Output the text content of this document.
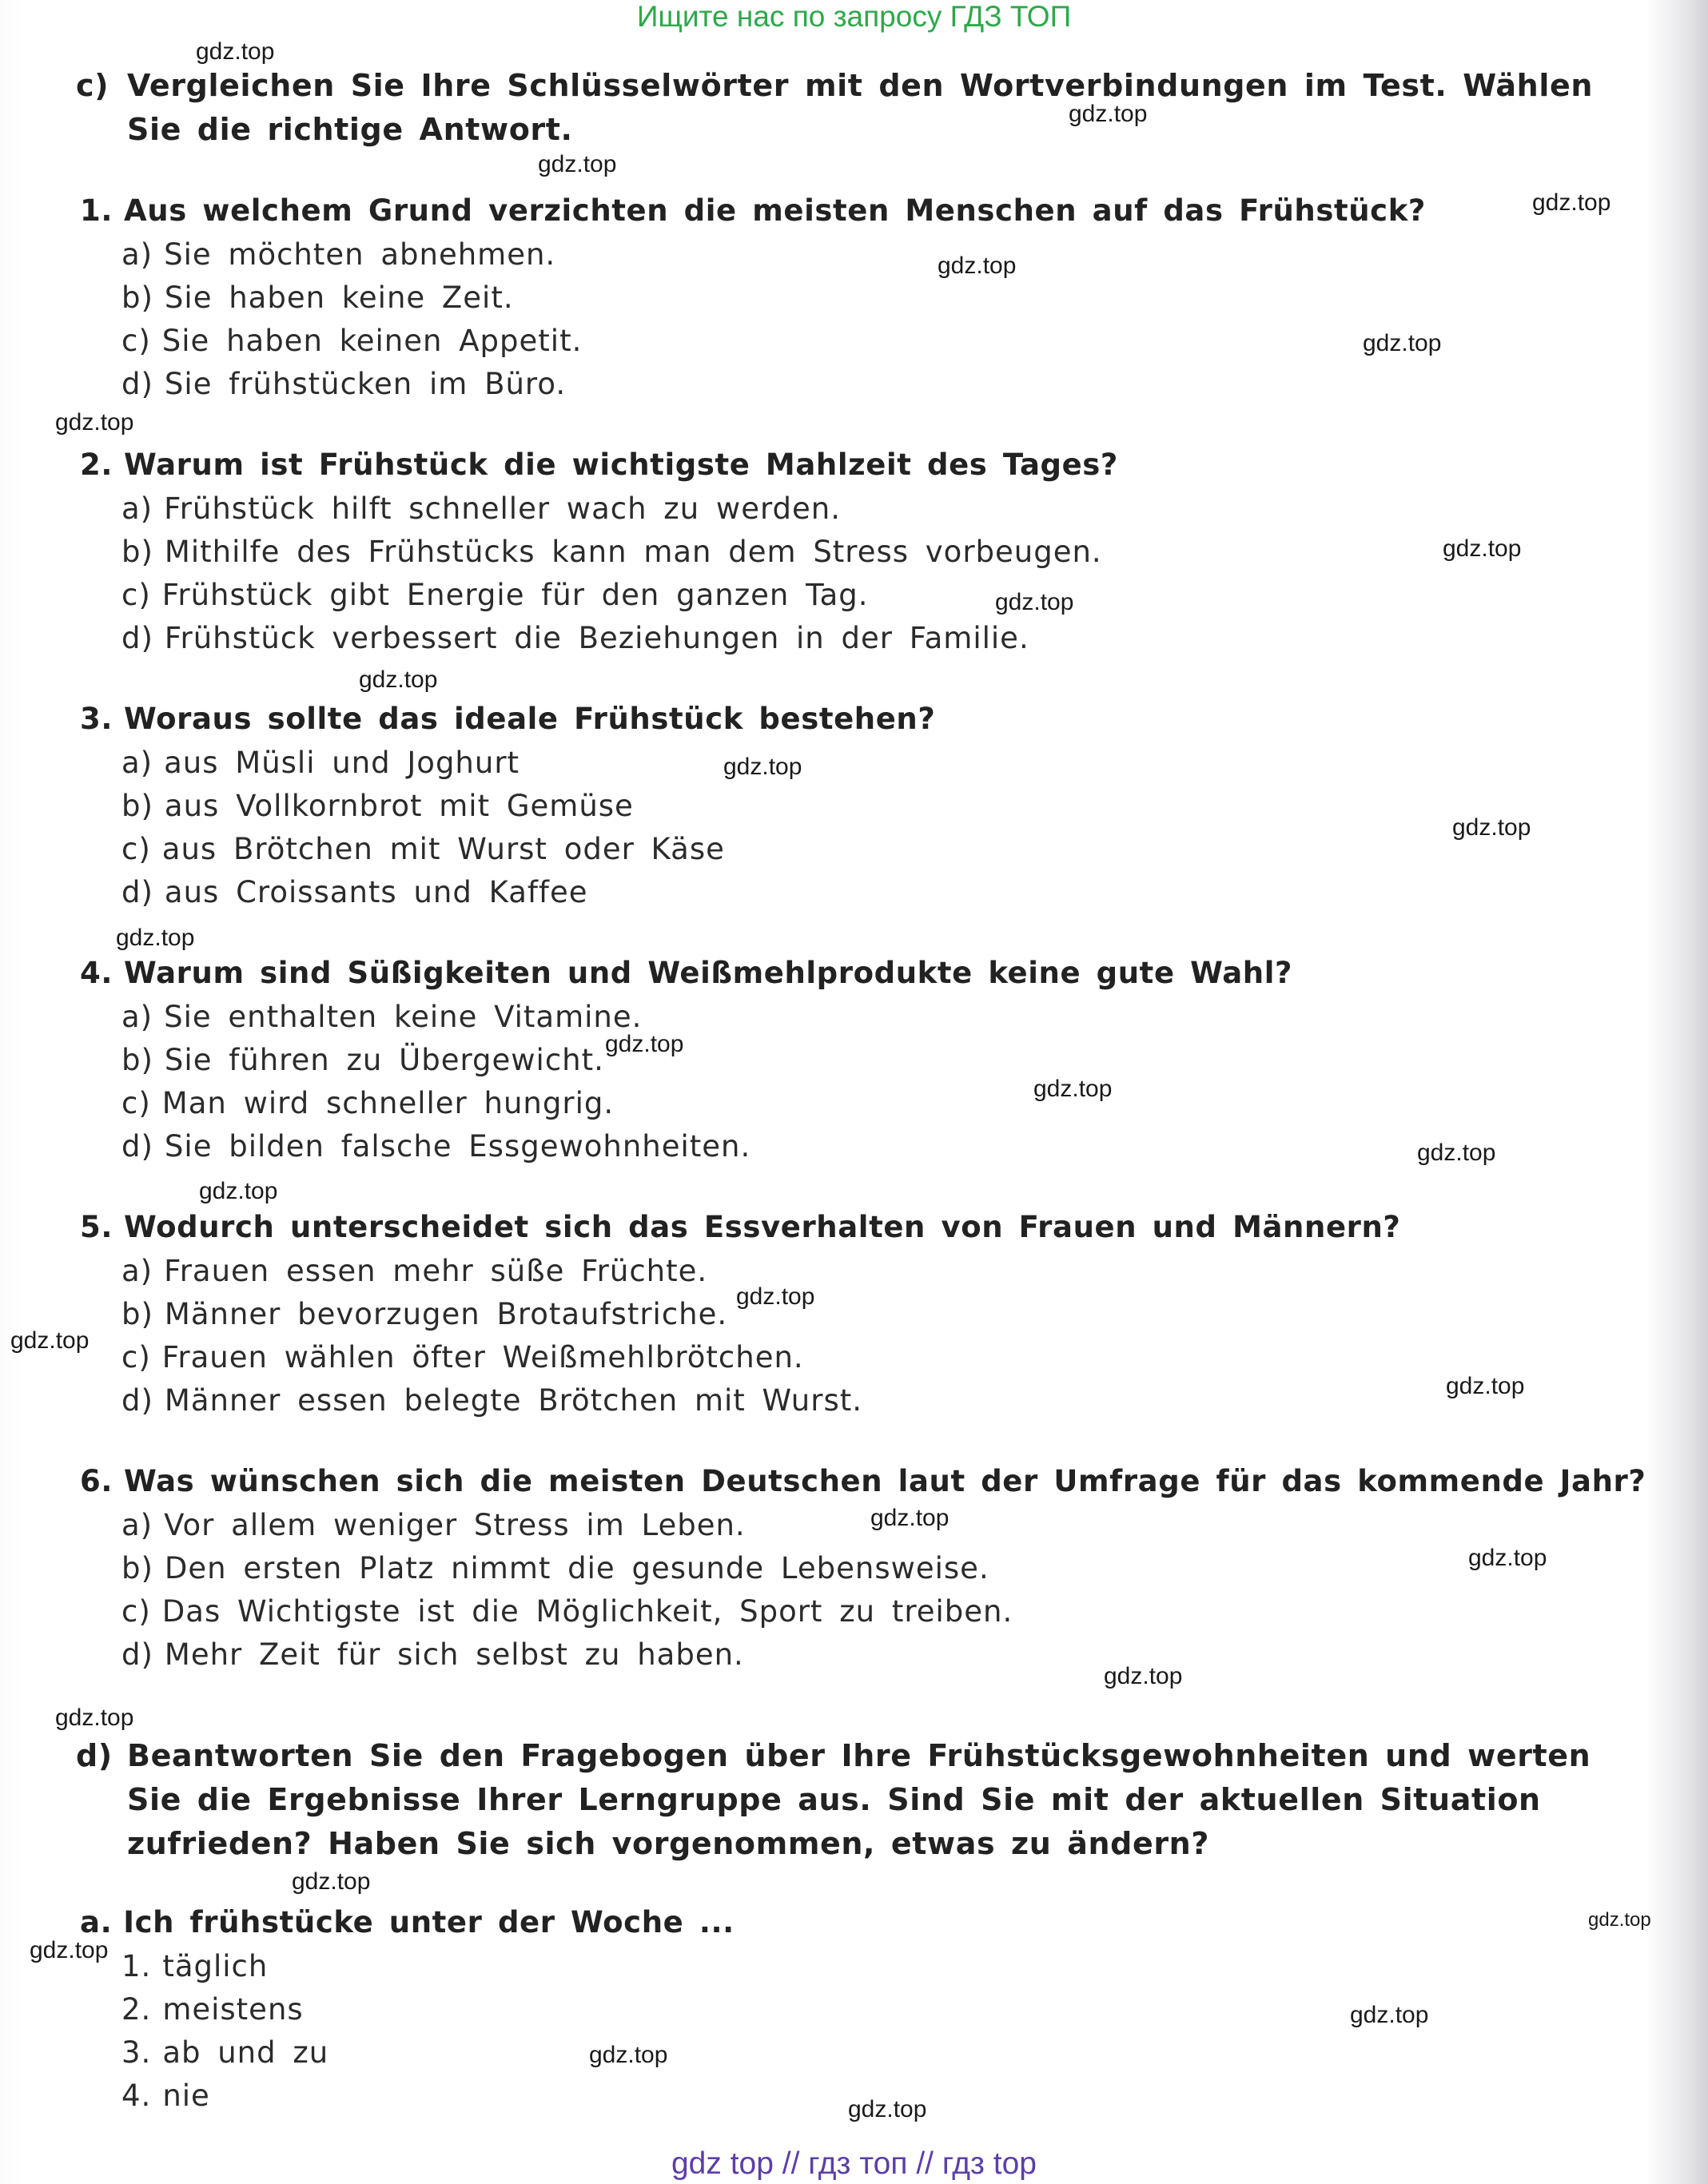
Ищите нас по запросу ГДЗ ТОП
c) Vergleichen Sie Ihre Schlüsselwörter mit den Wortverbindungen im Test. Wählen Sie die richtige Antwort.
1. Aus welchem Grund verzichten die meisten Menschen auf das Frühstück?
a) Sie möchten abnehmen.
b) Sie haben keine Zeit.
c) Sie haben keinen Appetit.
d) Sie frühstücken im Büro.
2. Warum ist Frühstück die wichtigste Mahlzeit des Tages?
a) Frühstück hilft schneller wach zu werden.
b) Mithilfe des Frühstücks kann man dem Stress vorbeugen.
c) Frühstück gibt Energie für den ganzen Tag.
d) Frühstück verbessert die Beziehungen in der Familie.
3. Woraus sollte das ideale Frühstück bestehen?
a) aus Müsli und Joghurt
b) aus Vollkornbrot mit Gemüse
c) aus Brötchen mit Wurst oder Käse
d) aus Croissants und Kaffee
4. Warum sind Süßigkeiten und Weißmehlprodukte keine gute Wahl?
a) Sie enthalten keine Vitamine.
b) Sie führen zu Übergewicht.
c) Man wird schneller hungrig.
d) Sie bilden falsche Essgewohnheiten.
5. Wodurch unterscheidet sich das Essverhalten von Frauen und Männern?
a) Frauen essen mehr süße Früchte.
b) Männer bevorzugen Brotaufstriche.
c) Frauen wählen öfter Weißmehlbrötchen.
d) Männer essen belegte Brötchen mit Wurst.
6. Was wünschen sich die meisten Deutschen laut der Umfrage für das kommende Jahr?
a) Vor allem weniger Stress im Leben.
b) Den ersten Platz nimmt die gesunde Lebensweise.
c) Das Wichtigste ist die Möglichkeit, Sport zu treiben.
d) Mehr Zeit für sich selbst zu haben.
d) Beantworten Sie den Fragebogen über Ihre Frühstücksgewohnheiten und werten Sie die Ergebnisse Ihrer Lerngruppe aus. Sind Sie mit der aktuellen Situation zufrieden? Haben Sie sich vorgenommen, etwas zu ändern?
a. Ich frühstücke unter der Woche ...
1. täglich
2. meistens
3. ab und zu
4. nie
gdz.top
gdz.top
gdz.top
gdz.top
gdz.top
gdz.top
gdz.top
gdz.top
gdz.top
gdz.top
gdz.top
gdz.top
gdz.top
gdz.top
gdz.top
gdz.top
gdz.top
gdz.top
gdz.top
gdz.top
gdz.top
gdz.top
gdz.top
gdz.top
gdz.top
gdz.top
gdz.top
gdz.top
gdz.top
gdz.top
gdz top // гдз топ // гдз top
